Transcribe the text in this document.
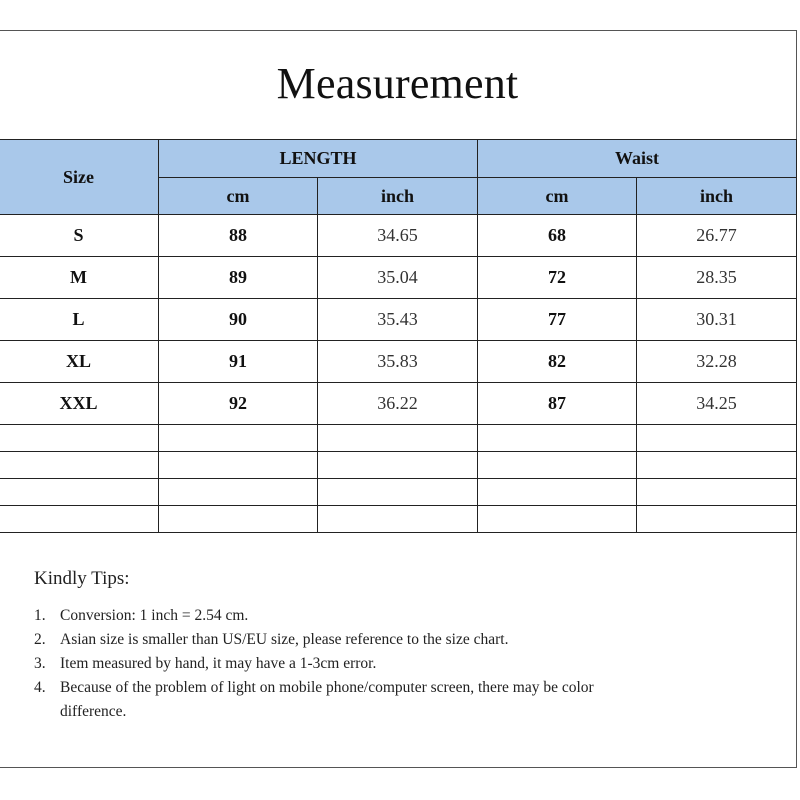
Measurement
Size	LENGTH		Waist	
	cm	inch	cm	inch
S	88	34.65	68	26.77
M	89	35.04	72	28.35
L	90	35.43	77	30.31
XL	91	35.83	82	32.28
XXL	92	36.22	87	34.25

Kindly Tips:
1. Conversion: 1 inch = 2.54 cm.
2. Asian size is smaller than US/EU size, please reference to the size chart.
3. Item measured by hand, it may have a 1-3cm error.
4. Because of the problem of light on mobile phone/computer screen, there may be color difference.
